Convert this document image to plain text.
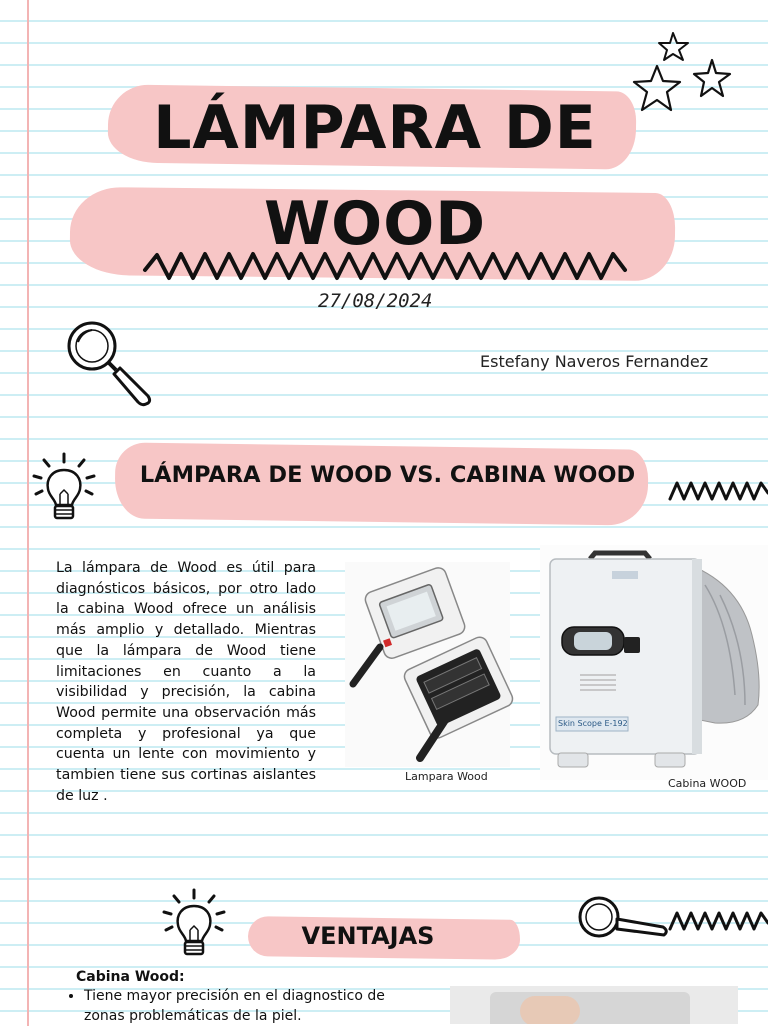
LÁMPARA DE
WOOD
27/08/2024
Estefany Naveros Fernandez
LÁMPARA DE WOOD VS. CABINA WOOD
La lámpara de Wood es útil para diagnósticos básicos, por otro lado la cabina Wood ofrece un análisis más amplio y detallado. Mientras que la lámpara de Wood tiene limitaciones en cuanto a la visibilidad y precisión, la cabina Wood permite una observación más completa y profesional ya que cuenta un lente con movimiento y tambien tiene sus cortinas aislantes de luz .
Lampara Wood
Skin Scope E-192
Cabina WOOD
VENTAJAS
Cabina Wood:
• Tiene mayor precisión en el diagnostico de zonas problemáticas de la piel.
